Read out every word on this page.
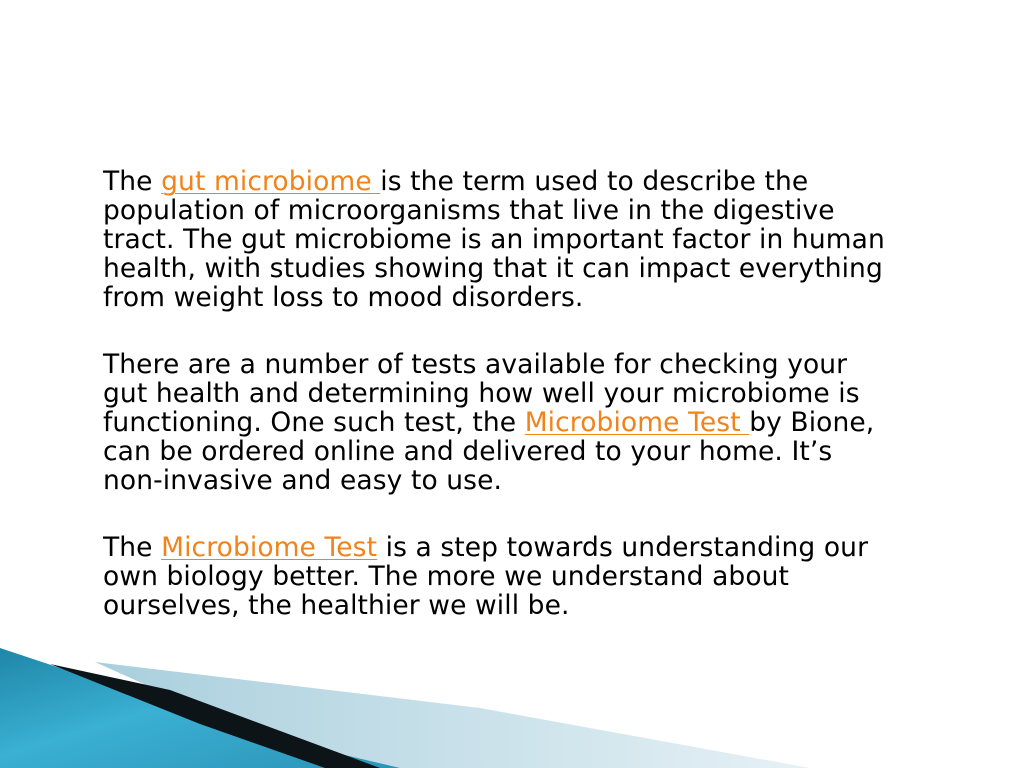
The gut microbiome is the term used to describe the
population of microorganisms that live in the digestive
tract. The gut microbiome is an important factor in human
health, with studies showing that it can impact everything
from weight loss to mood disorders.

There are a number of tests available for checking your
gut health and determining how well your microbiome is
functioning. One such test, the Microbiome Test by Bione,
can be ordered online and delivered to your home. It’s
non-invasive and easy to use.

The Microbiome Test is a step towards understanding our
own biology better. The more we understand about
ourselves, the healthier we will be.
